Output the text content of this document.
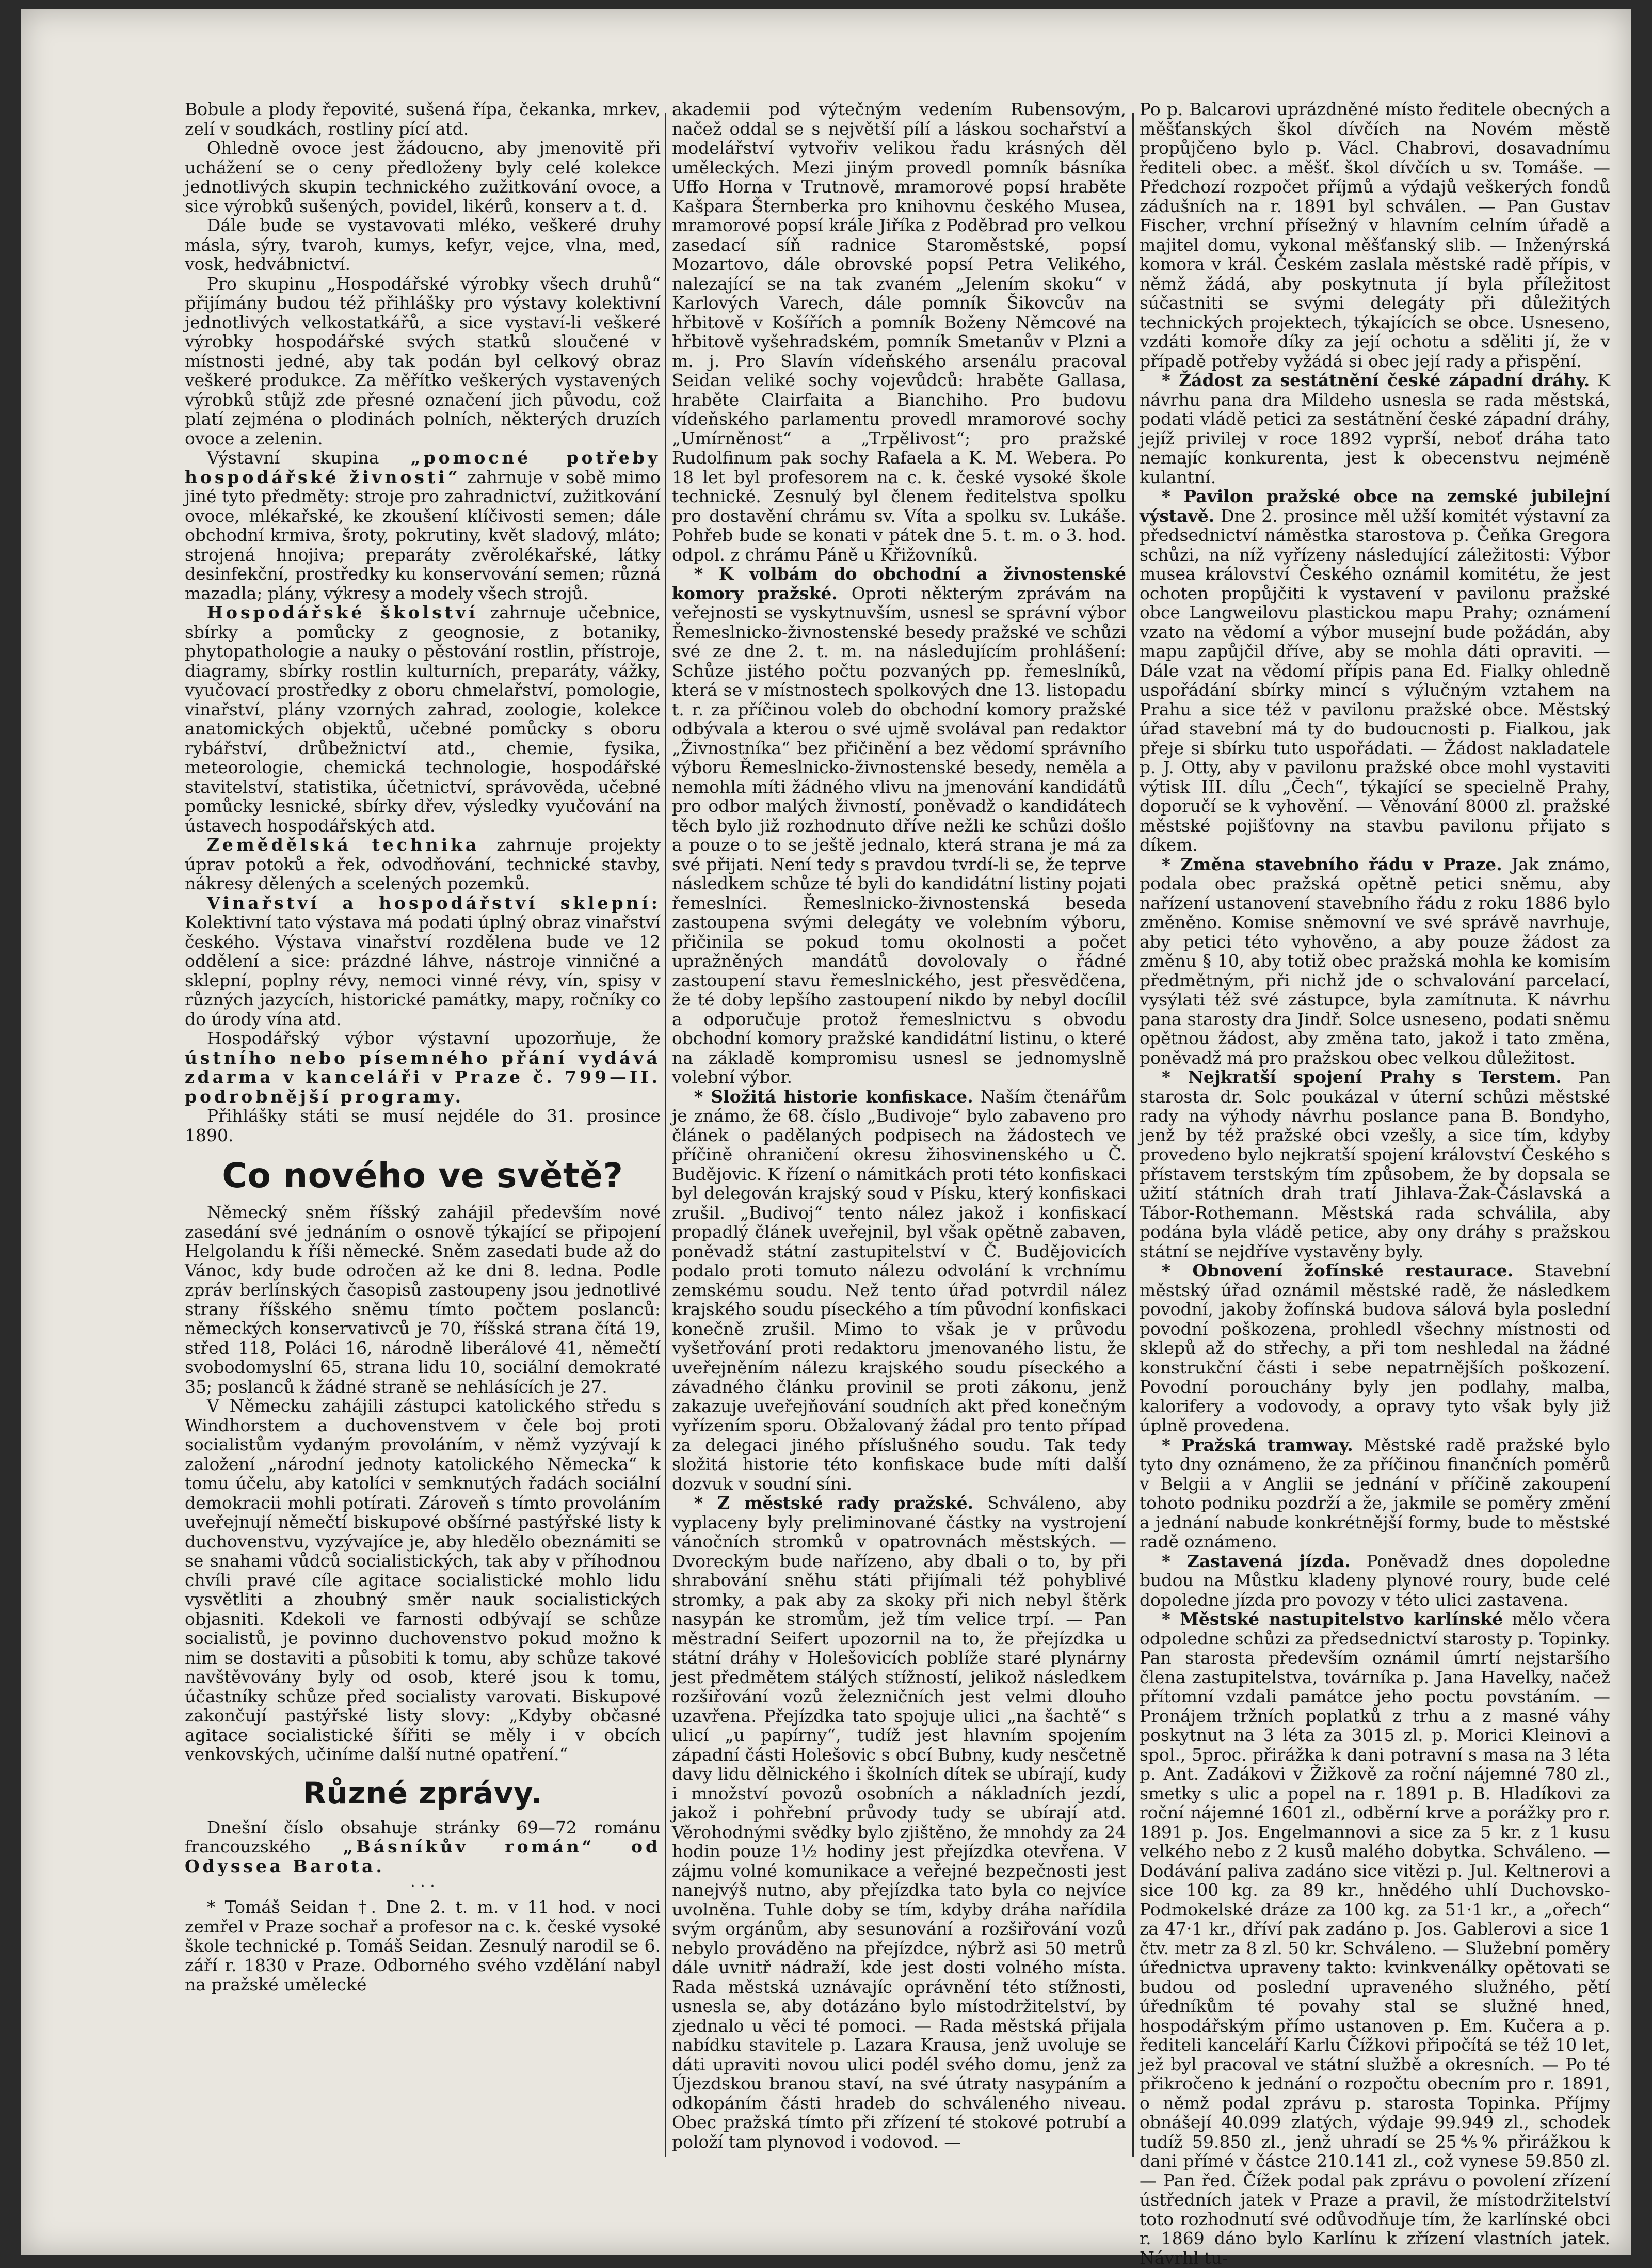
Bobule a plody řepovité, sušená řípa, čekanka, mrkev, zelí v soudkách, rostliny pící atd.

Ohledně ovoce jest žádoucno, aby jmenovitě při uchážení se o ceny předloženy byly celé kolekce jednotlivých skupin technického zužitkování ovoce, a sice výrobků sušených, povidel, likérů, konserv a t. d.

Dále bude se vystavovati mléko, veškeré druhy másla, sýry, tvaroh, kumys, kefyr, vejce, vlna, med, vosk, hedvábnictví.

Pro skupinu „Hospodářské výrobky všech druhů“ přijímány budou též přihlášky pro výstavy kolektivní jednotlivých velkostatkářů, a sice vystaví-li veškeré výrobky hospodářské svých statků sloučené v místnosti jedné, aby tak podán byl celkový obraz veškeré produkce. Za měřítko veškerých vystavených výrobků stůjž zde přesné označení jich původu, což platí zejména o plodinách polních, některých druzích ovoce a zelenin.

Výstavní skupina „pomocné potřeby hospodářské živnosti“ zahrnuje v sobě mimo jiné tyto předměty: stroje pro zahradnictví, zužitkování ovoce, mlékařské, ke zkoušení klíčivosti semen; dále obchodní krmiva, šroty, pokrutiny, květ sladový, mláto; strojená hnojiva; preparáty zvěrolékařské, látky desinfekční, prostředky ku konservování semen; různá mazadla; plány, výkresy a modely všech strojů.

Hospodářské školství zahrnuje učebnice, sbírky a pomůcky z geognosie, z botaniky, phytopathologie a nauky o pěstování rostlin, přístroje, diagramy, sbírky rostlin kulturních, preparáty, vážky, vyučovací prostředky z oboru chmelařství, pomologie, vinařství, plány vzorných zahrad, zoologie, kolekce anatomických objektů, učebné pomůcky s oboru rybářství, drůbežnictví atd., chemie, fysika, meteorologie, chemická technologie, hospodářské stavitelství, statistika, účetnictví, správověda, učebné pomůcky lesnické, sbírky dřev, výsledky vyučování na ústavech hospodářských atd.

Zemědělská technika zahrnuje projekty úprav potoků a řek, odvodňování, technické stavby, nákresy dělených a scelených pozemků.

Vinařství a hospodářství sklepní: Kolektivní tato výstava má podati úplný obraz vinařství českého. Výstava vinařství rozdělena bude ve 12 oddělení a sice: prázdné láhve, nástroje vinničné a sklepní, poplny révy, nemoci vinné révy, vín, spisy v různých jazycích, historické památky, mapy, ročníky co do úrody vína atd.

Hospodářský výbor výstavní upozorňuje, že ústního nebo písemného přání vydává zdarma v kanceláři v Praze č. 799—II. podrobnější programy.

Přihlášky státi se musí nejdéle do 31. prosince 1890.

Co nového ve světě?

Německý sněm říšský zahájil především nové zasedání své jednáním o osnově týkající se připojení Helgolandu k říši německé. Sněm zasedati bude až do Vánoc, kdy bude odročen až ke dni 8. ledna. Podle zpráv berlínských časopisů zastoupeny jsou jednotlivé strany říšského sněmu tímto počtem poslanců: německých konservativců je 70, říšská strana čítá 19, střed 118, Poláci 16, národně liberálové 41, němečtí svobodomyslní 65, strana lidu 10, sociální demokraté 35; poslanců k žádné straně se nehlásících je 27.

V Německu zahájili zástupci katolického středu s Windhorstem a duchovenstvem v čele boj proti socialistům vydaným provoláním, v němž vyzývají k založení „národní jednoty katolického Německa“ k tomu účelu, aby katolíci v semknutých řadách sociální demokracii mohli potírati. Zároveň s tímto provoláním uveřejnují němečtí biskupové obšírné pastýřské listy k duchovenstvu, vyzývajíce je, aby hledělo obeznámiti se se snahami vůdců socialistických, tak aby v příhodnou chvíli pravé cíle agitace socialistické mohlo lidu vysvětliti a zhoubný směr nauk socialistických objasniti. Kdekoli ve farnosti odbývají se schůze socialistů, je povinno duchovenstvo pokud možno k nim se dostaviti a působiti k tomu, aby schůze takové navštěvovány byly od osob, které jsou k tomu, účastníky schůze před socialisty varovati. Biskupové zakončují pastýřské listy slovy: „Kdyby občasné agitace socialistické šířiti se měly i v obcích venkovských, učiníme další nutné opatření.“

Různé zprávy.

Dnešní číslo obsahuje stránky 69—72 románu francouzského „Básníkův román“ od Odyssea Barota.

· · ·

* Tomáš Seidan †. Dne 2. t. m. v 11 hod. v noci zemřel v Praze sochař a profesor na c. k. české vysoké škole technické p. Tomáš Seidan. Zesnulý narodil se 6. září r. 1830 v Praze. Odborného svého vzdělání nabyl na pražské umělecké

akademii pod výtečným vedením Rubensovým, načež oddal se s největší pílí a láskou sochařství a modelářství vytvořiv velikou řadu krásných děl uměleckých. Mezi jiným provedl pomník básníka Uffo Horna v Trutnově, mramorové popsí hraběte Kašpara Šternberka pro knihovnu českého Musea, mramorové popsí krále Jiříka z Poděbrad pro velkou zasedací síň radnice Staroměstské, popsí Mozartovo, dále obrovské popsí Petra Velikého, nalezající se na tak zvaném „Jelením skoku“ v Karlových Varech, dále pomník Šikovcův na hřbitově v Košířích a pomník Boženy Němcové na hřbitově vyšehradském, pomník Smetanův v Plzni a m. j. Pro Slavín vídeňského arsenálu pracoval Seidan veliké sochy vojevůdců: hraběte Gallasa, hraběte Clairfaita a Bianchiho. Pro budovu vídeňského parlamentu provedl mramorové sochy „Umírněnost“ a „Trpělivost“; pro pražské Rudolfinum pak sochy Rafaela a K. M. Webera. Po 18 let byl profesorem na c. k. české vysoké škole technické. Zesnulý byl členem ředitelstva spolku pro dostavění chrámu sv. Víta a spolku sv. Lukáše. Pohřeb bude se konati v pátek dne 5. t. m. o 3. hod. odpol. z chrámu Páně u Křižovníků.

* K volbám do obchodní a živnostenské komory pražské. Oproti některým zprávám na veřejnosti se vyskytnuvším, usnesl se správní výbor Řemeslnicko-živnostenské besedy pražské ve schůzi své ze dne 2. t. m. na následujícím prohlášení: Schůze jistého počtu pozvaných pp. řemeslníků, která se v místnostech spolkových dne 13. listopadu t. r. za příčinou voleb do obchodní komory pražské odbývala a kterou o své ujmě svolával pan redaktor „Živnostníka“ bez přičinění a bez vědomí správního výboru Řemeslnicko-živnostenské besedy, neměla a nemohla míti žádného vlivu na jmenování kandidátů pro odbor malých živností, poněvadž o kandidátech těch bylo již rozhodnuto dříve nežli ke schůzi došlo a pouze o to se ještě jednalo, která strana je má za své přijati. Není tedy s pravdou tvrdí-li se, že teprve následkem schůze té byli do kandidátní listiny pojati řemeslníci. Řemeslnicko-živnostenská beseda zastoupena svými delegáty ve volebním výboru, přičinila se pokud tomu okolnosti a počet upražněných mandátů dovolovaly o řádné zastoupení stavu řemeslnického, jest přesvědčena, že té doby lepšího zastoupení nikdo by nebyl docílil a odporučuje protož řemeslnictvu s obvodu obchodní komory pražské kandidátní listinu, o které na základě kompromisu usnesl se jednomyslně volební výbor.

* Složitá historie konfiskace. Naším čtenářům je známo, že 68. číslo „Budivoje“ bylo zabaveno pro článek o padělaných podpisech na žádostech ve příčině ohraničení okresu žihosvinenského u Č. Budějovic. K řízení o námitkách proti této konfiskaci byl delegován krajský soud v Písku, který konfiskaci zrušil. „Budivoj“ tento nález jakož i konfiskací propadlý článek uveřejnil, byl však opětně zabaven, poněvadž státní zastupitelství v Č. Budějovicích podalo proti tomuto nálezu odvolání k vrchnímu zemskému soudu. Než tento úřad potvrdil nález krajského soudu píseckého a tím původní konfiskaci konečně zrušil. Mimo to však je v průvodu vyšetřování proti redaktoru jmenovaného listu, že uveřejněním nálezu krajského soudu píseckého a závadného článku provinil se proti zákonu, jenž zakazuje uveřejňování soudních akt před konečným vyřízením sporu. Obžalovaný žádal pro tento případ za delegaci jiného příslušného soudu. Tak tedy složitá historie této konfiskace bude míti další dozvuk v soudní síni.

* Z městské rady pražské. Schváleno, aby vyplaceny byly preliminované částky na vystrojení vánočních stromků v opatrovnách městských. — Dvoreckým bude nařízeno, aby dbali o to, by při shrabování sněhu státi přijímali též pohyblivé stromky, a pak aby za skoky při nich nebyl štěrk nasypán ke stromům, jež tím velice trpí. — Pan městradní Seifert upozornil na to, že přejízdka u státní dráhy v Holešovicích poblíže staré plynárny jest předmětem stálých stížností, jelikož následkem rozšiřování vozů železničních jest velmi dlouho uzavřena. Přejízdka tato spojuje ulici „na šachtě“ s ulicí „u papírny“, tudíž jest hlavním spojením západní části Holešovic s obcí Bubny, kudy nesčetně davy lidu dělnického i školních dítek se ubírají, kudy i množství povozů osobních a nákladních jezdí, jakož i pohřební průvody tudy se ubírají atd. Věrohodnými svědky bylo zjištěno, že mnohdy za 24 hodin pouze 1½ hodiny jest přejízdka otevřena. V zájmu volné komunikace a veřejné bezpečnosti jest nanejvýš nutno, aby přejízdka tato byla co nejvíce uvolněna. Tuhle doby se tím, kdyby dráha nařídila svým orgánům, aby sesunování a rozšiřování vozů nebylo prováděno na přejízdce, nýbrž asi 50 metrů dále uvnitř nádraží, kde jest dosti volného místa. Rada městská uznávajíc oprávnění této stížnosti, usnesla se, aby dotázáno bylo místodržitelství, by zjednalo u věci té pomoci. — Rada městská přijala nabídku stavitele p. Lazara Krausa, jenž uvoluje se dáti upraviti novou ulici podél svého domu, jenž za Újezdskou branou staví, na své útraty nasypáním a odkopáním části hradeb do schváleného niveau. Obec pražská tímto při zřízení té stokové potrubí a položí tam plynovod i vodovod. —

Po p. Balcarovi uprázdněné místo ředitele obecných a měšťanských škol dívčích na Novém městě propůjčeno bylo p. Václ. Chabrovi, dosavadnímu řediteli obec. a měšť. škol dívčích u sv. Tomáše. — Předchozí rozpočet příjmů a výdajů veškerých fondů zádušních na r. 1891 byl schválen. — Pan Gustav Fischer, vrchní přísežný v hlavním celním úřadě a majitel domu, vykonal měšťanský slib. — Inženýrská komora v král. Českém zaslala městské radě přípis, v němž žádá, aby poskytnuta jí byla příležitost súčastniti se svými delegáty při důležitých technických projektech, týkajících se obce. Usneseno, vzdáti komoře díky za její ochotu a sděliti jí, že v případě potřeby vyžádá si obec její rady a přispění.

* Žádost za sestátnění české západní dráhy. K návrhu pana dra Mildeho usnesla se rada městská, podati vládě petici za sestátnění české západní dráhy, jejíž privilej v roce 1892 vyprší, neboť dráha tato nemajíc konkurenta, jest k obecenstvu nejméně kulantní.

* Pavilon pražské obce na zemské jubilejní výstavě. Dne 2. prosince měl užší komitét výstavní za předsednictví náměstka starostova p. Čeňka Gregora schůzi, na níž vyřízeny následující záležitosti: Výbor musea království Českého oznámil komitétu, že jest ochoten propůjčiti k vystavení v pavilonu pražské obce Langweilovu plastickou mapu Prahy; oznámení vzato na vědomí a výbor musejní bude požádán, aby mapu zapůjčil dříve, aby se mohla dáti opraviti. — Dále vzat na vědomí přípis pana Ed. Fialky ohledně uspořádání sbírky mincí s výlučným vztahem na Prahu a sice též v pavilonu pražské obce. Městský úřad stavební má ty do budoucnosti p. Fialkou, jak přeje si sbírku tuto uspořádati. — Žádost nakladatele p. J. Otty, aby v pavilonu pražské obce mohl vystaviti výtisk III. dílu „Čech“, týkající se specielně Prahy, doporučí se k vyhovění. — Věnování 8000 zl. pražské městské pojišťovny na stavbu pavilonu přijato s díkem.

* Změna stavebního řádu v Praze. Jak známo, podala obec pražská opětně petici sněmu, aby nařízení ustanovení stavebního řádu z roku 1886 bylo změněno. Komise sněmovní ve své správě navrhuje, aby petici této vyhověno, a aby pouze žádost za změnu § 10, aby totiž obec pražská mohla ke komisím předmětným, při nichž jde o schvalování parcelací, vysýlati též své zástupce, byla zamítnuta. K návrhu pana starosty dra Jindř. Solce usneseno, podati sněmu opětnou žádost, aby změna tato, jakož i tato změna, poněvadž má pro pražskou obec velkou důležitost.

* Nejkratší spojení Prahy s Terstem. Pan starosta dr. Solc poukázal v úterní schůzi městské rady na výhody návrhu poslance pana B. Bondyho, jenž by též pražské obci vzešly, a sice tím, kdyby provedeno bylo nejkratší spojení království Českého s přístavem terstským tím způsobem, že by dopsala se užití státních drah tratí Jihlava-Žak-Čáslavská a Tábor-Rothemann. Městská rada schválila, aby podána byla vládě petice, aby ony dráhy s pražskou státní se nejdříve vystavěny byly.

* Obnovení žofínské restaurace. Stavební městský úřad oznámil městské radě, že následkem povodní, jakoby žofínská budova sálová byla poslední povodní poškozena, prohledl všechny místnosti od sklepů až do střechy, a při tom neshledal na žádné konstrukční části i sebe nepatrnějších poškození. Povodní porouchány byly jen podlahy, malba, kalorifery a vodovody, a opravy tyto však byly již úplně provedena.

* Pražská tramway. Městské radě pražské bylo tyto dny oznámeno, že za příčinou finančních poměrů v Belgii a v Anglii se jednání v příčině zakoupení tohoto podniku pozdrží a že, jakmile se poměry změní a jednání nabude konkrétnější formy, bude to městské radě oznámeno.

* Zastavená jízda. Poněvadž dnes dopoledne budou na Můstku kladeny plynové roury, bude celé dopoledne jízda pro povozy v této ulici zastavena.

* Městské nastupitelstvo karlínské mělo včera odpoledne schůzi za předsednictví starosty p. Topinky. Pan starosta především oznámil úmrtí nejstaršího člena zastupitelstva, továrníka p. Jana Havelky, načež přítomní vzdali památce jeho poctu povstáním. — Pronájem tržních poplatků z trhu a z masné váhy poskytnut na 3 léta za 3015 zl. p. Morici Kleinovi a spol., 5proc. přirážka k dani potravní s masa na 3 léta p. Ant. Zadákovi v Žižkově za roční nájemné 780 zl., smetky s ulic a popel na r. 1891 p. B. Hladíkovi za roční nájemné 1601 zl., odběrní krve a porážky pro r. 1891 p. Jos. Engelmannovi a sice za 5 kr. z 1 kusu velkého nebo z 2 kusů malého dobytka. Schváleno. — Dodávání paliva zadáno sice vitězi p. Jul. Keltnerovi a sice 100 kg. za 89 kr., hnědého uhlí Duchovsko-Podmokelské dráze za 100 kg. za 51·1 kr., a „ořech“ za 47·1 kr., dříví pak zadáno p. Jos. Gablerovi a sice 1 čtv. metr za 8 zl. 50 kr. Schváleno. — Služební poměry úřednictva upraveny takto: kvinkvenálky opětovati se budou od poslední upraveného služného, pětí úředníkům té povahy stal se služné hned, hospodářským přímo ustanoven p. Em. Kučera a p. řediteli kanceláří Karlu Čížkovi připočítá se též 10 let, jež byl pracoval ve státní službě a okresních. — Po té přikročeno k jednání o rozpočtu obecním pro r. 1891, o němž podal zprávu p. starosta Topinka. Příjmy obnášejí 40.099 zlatých, výdaje 99.949 zl., schodek tudíž 59.850 zl., jenž uhradí se 25⅘% přirážkou k dani přímé v částce 210.141 zl., což vynese 59.850 zl. — Pan řed. Čížek podal pak zprávu o povolení zřízení ústředních jatek v Praze a pravil, že místodržitelství toto rozhodnutí své odůvodňuje tím, že karlínské obci r. 1869 dáno bylo Karlínu k zřízení vlastních jatek. Návrhl tu-
